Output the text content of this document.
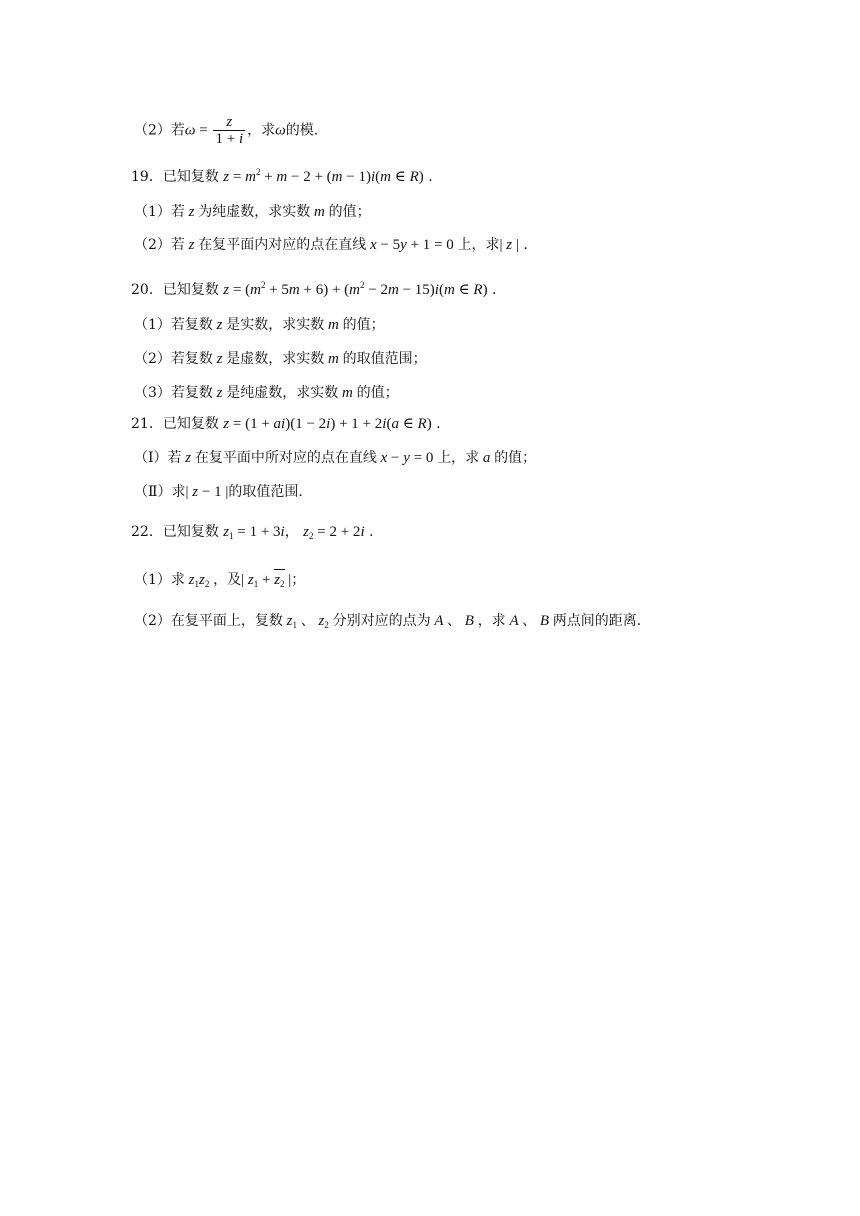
（2）若$\omega = \frac{z}{1 + i}$ ，求ω的模.
19．已知复数 $z = m^2 + m - 2 + (m - 1)i(m$ ∈ R) .
（1）若 z 为纯虚数，求实数 m 的值；
（2）若 z 在复平面内对应的点在直线 x − 5y + 1 = 0 上，求| z | .
20．已知复数 $z = (m^2 + 5m + 6) + (m^2 - 2m - 15)i(m$ ∈ R) .
（1）若复数 z 是实数，求实数 m 的值；
（2）若复数 z 是虚数，求实数 m 的取值范围；
（3）若复数 z 是纯虚数，求实数 m 的值；
21．已知复数 z = (1 + ai)(1 − 2i) + 1 + 2i(a ∈ R) .
（Ⅰ）若 z 在复平面中所对应的点在直线 x − y = 0 上，求 a 的值；
（Ⅱ）求| z − 1 |的取值范围.
22．已知复数 $z_1 = 1 + 3i$， $z_2 = 2 + 2i$ .
（1）求 $z_1z_2$ ，及| $z_1 + z_2$ |；
（2）在复平面上，复数 $z_1$ 、 $z_2$ 分别对应的点为 A 、 B ，求 A 、 B 两点间的距离.
